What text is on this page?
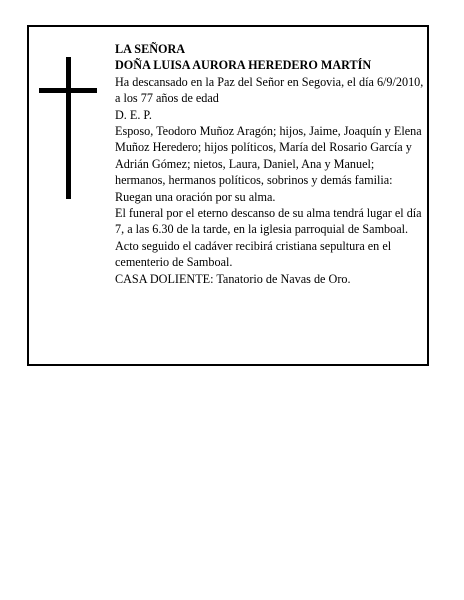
LA SEÑORA

DOÑA LUISA AURORA HEREDERO MARTÍN

Ha descansado en la Paz del Señor en Segovia, el día 6/9/2010, a los 77 años de edad

D. E. P.

Esposo, Teodoro Muñoz Aragón; hijos, Jaime, Joaquín y Elena Muñoz Heredero; hijos políticos, María del Rosario García y Adrián Gómez; nietos, Laura, Daniel, Ana y Manuel; hermanos, hermanos políticos, sobrinos y demás familia:

Ruegan una oración por su alma.

El funeral por el eterno descanso de su alma tendrá lugar el día 7, a las 6.30 de la tarde, en la iglesia parroquial de Samboal. Acto seguido el cadáver recibirá cristiana sepultura en el cementerio de Samboal.

CASA DOLIENTE: Tanatorio de Navas de Oro.
